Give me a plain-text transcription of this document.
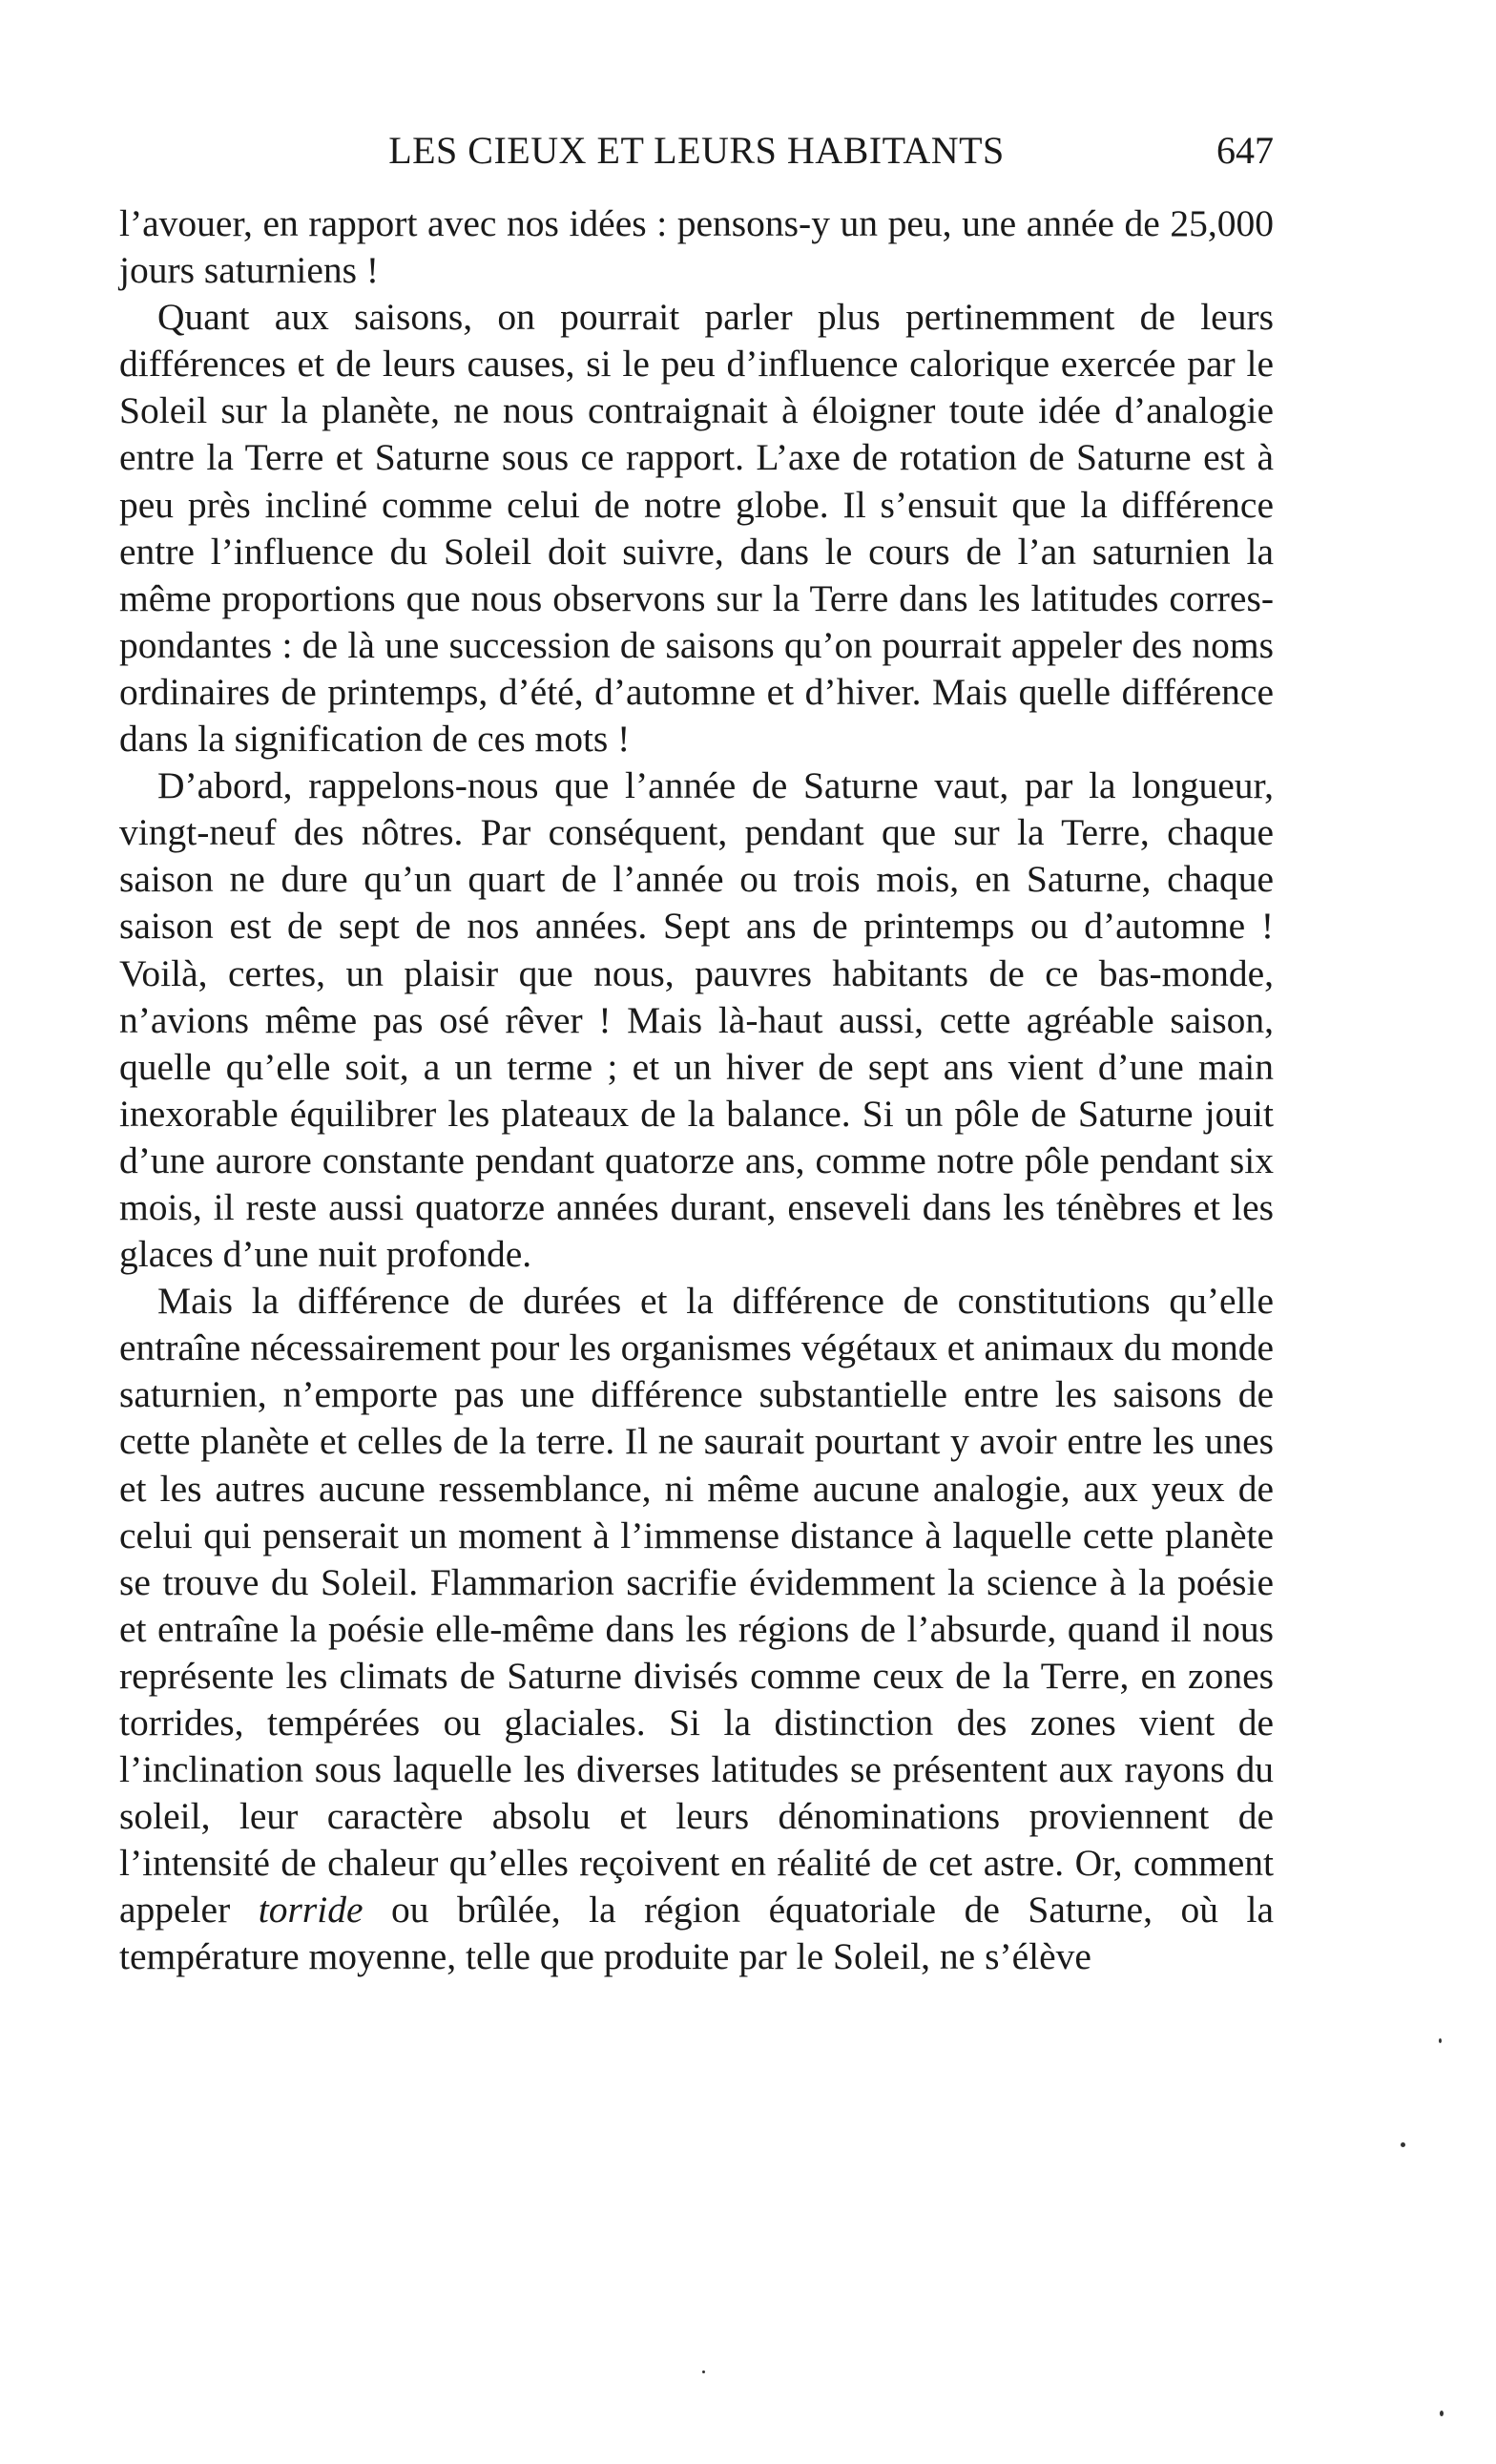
LES CIEUX ET LEURS HABITANTS	647

l’avouer, en rapport avec nos idées : pensons-y un peu, une année de 25,000 jours saturniens !

Quant aux saisons, on pourrait parler plus pertinemment de leurs différences et de leurs causes, si le peu d’influence calorique exercée par le Soleil sur la planète, ne nous contraignait à éloigner toute idée d’analogie entre la Terre et Saturne sous ce rapport. L’axe de rotation de Saturne est à peu près incliné comme celui de notre globe. Il s’ensuit que la différence entre l’influence du Soleil doit suivre, dans le cours de l’an saturnien la même proportions que nous observons sur la Terre dans les latitudes correspondantes : de là une succession de saisons qu’on pourrait appeler des noms ordinaires de printemps, d’été, d’automne et d’hiver. Mais quelle différence dans la signification de ces mots !

D’abord, rappelons-nous que l’année de Saturne vaut, par la longueur, vingt-neuf des nôtres. Par conséquent, pendant que sur la Terre, chaque saison ne dure qu’un quart de l’année ou trois mois, en Saturne, chaque saison est de sept de nos années. Sept ans de printemps ou d’automne ! Voilà, certes, un plaisir que nous, pauvres habitants de ce bas-monde, n’avions même pas osé rêver ! Mais là-haut aussi, cette agréable saison, quelle qu’elle soit, a un terme ; et un hiver de sept ans vient d’une main inexorable équilibrer les plateaux de la balance. Si un pôle de Saturne jouit d’une aurore constante pendant quatorze ans, comme notre pôle pendant six mois, il reste aussi quatorze années durant, enseveli dans les ténèbres et les glaces d’une nuit profonde.

Mais la différence de durées et la différence de constitutions qu’elle entraîne nécessairement pour les organismes végétaux et animaux du monde saturnien, n’emporte pas une différence substantielle entre les saisons de cette planète et celles de la terre. Il ne saurait pourtant y avoir entre les unes et les autres aucune ressemblance, ni même aucune analogie, aux yeux de celui qui penserait un moment à l’immense distance à laquelle cette planète se trouve du Soleil. Flammarion sacrifie évidemment la science à la poésie et entraîne la poésie elle-même dans les régions de l’absurde, quand il nous représente les climats de Saturne divisés comme ceux de la Terre, en zones torrides, tempérées ou glaciales. Si la distinction des zones vient de l’inclination sous laquelle les diverses latitudes se présentent aux rayons du soleil, leur caractère absolu et leurs dénominations proviennent de l’intensité de chaleur qu’elles reçoivent en réalité de cet astre. Or, comment appeler torride ou brûlée, la région équatoriale de Saturne, où la température moyenne, telle que produite par le Soleil, ne s’élève
